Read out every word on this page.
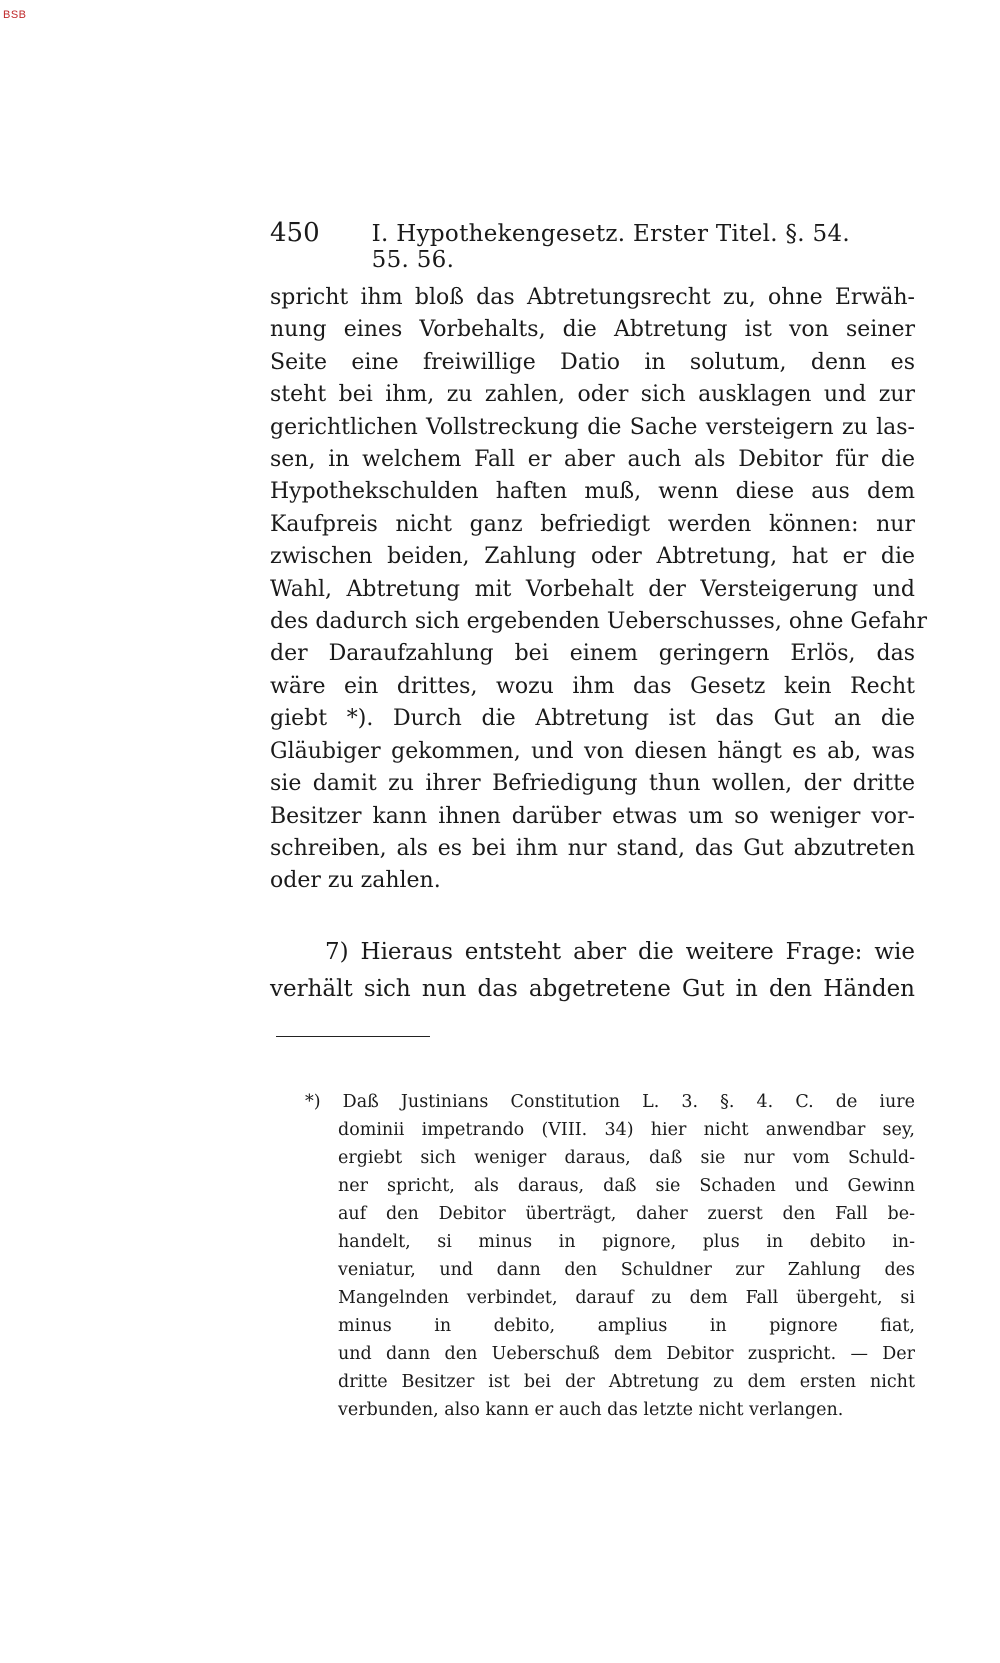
BSB
450 I. Hypothekengesetz. Erster Titel. §. 54. 55. 56.
spricht ihm bloß das Abtretungsrecht zu, ohne Erwäh-
nung eines Vorbehalts, die Abtretung ist von seiner
Seite eine freiwillige Datio in solutum, denn es
steht bei ihm, zu zahlen, oder sich ausklagen und zur
gerichtlichen Vollstreckung die Sache versteigern zu las-
sen, in welchem Fall er aber auch als Debitor für die
Hypothekschulden haften muß, wenn diese aus dem
Kaufpreis nicht ganz befriedigt werden können: nur
zwischen beiden, Zahlung oder Abtretung, hat er die
Wahl, Abtretung mit Vorbehalt der Versteigerung und
des dadurch sich ergebenden Ueberschusses, ohne Gefahr
der Daraufzahlung bei einem geringern Erlös, das
wäre ein drittes, wozu ihm das Gesetz kein Recht
giebt *). Durch die Abtretung ist das Gut an die
Gläubiger gekommen, und von diesen hängt es ab, was
sie damit zu ihrer Befriedigung thun wollen, der dritte
Besitzer kann ihnen darüber etwas um so weniger vor-
schreiben, als es bei ihm nur stand, das Gut abzutreten
oder zu zahlen.
7) Hieraus entsteht aber die weitere Frage: wie
verhält sich nun das abgetretene Gut in den Händen
*) Daß Justinians Constitution L. 3. §. 4. C. de iure
dominii impetrando (VIII. 34) hier nicht anwendbar sey,
ergiebt sich weniger daraus, daß sie nur vom Schuld-
ner spricht, als daraus, daß sie Schaden und Gewinn
auf den Debitor überträgt, daher zuerst den Fall be-
handelt, si minus in pignore, plus in debito in-
veniatur, und dann den Schuldner zur Zahlung des
Mangelnden verbindet, darauf zu dem Fall übergeht, si
minus in debito, amplius in pignore fiat,
und dann den Ueberschuß dem Debitor zuspricht. — Der
dritte Besitzer ist bei der Abtretung zu dem ersten nicht
verbunden, also kann er auch das letzte nicht verlangen.
